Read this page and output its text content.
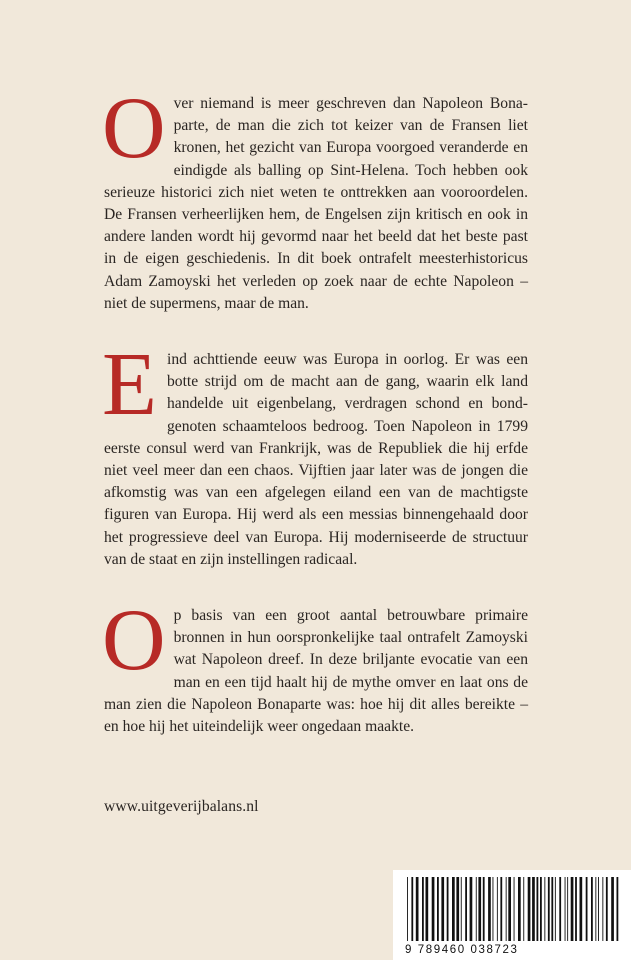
O ver niemand is meer geschreven dan Napoleon Bonaparte, de man die zich tot keizer van de Fransen liet kronen, het gezicht van Europa voorgoed veranderde en eindigde als balling op Sint-Helena. Toch hebben ook serieuze historici zich niet weten te onttrekken aan vooroordelen. De Fransen verheerlijken hem, de Engelsen zijn kritisch en ook in andere landen wordt hij gevormd naar het beeld dat het beste past in de eigen geschiedenis. In dit boek ontrafelt meesterhistoricus Adam Zamoyski het verleden op zoek naar de echte Napoleon – niet de supermens, maar de man.
E ind achttiende eeuw was Europa in oorlog. Er was een botte strijd om de macht aan de gang, waarin elk land handelde uit eigenbelang, verdragen schond en bondgenoten schaamteloos bedroog. Toen Napoleon in 1799 eerste consul werd van Frankrijk, was de Republiek die hij erfde niet veel meer dan een chaos. Vijftien jaar later was de jongen die afkomstig was van een afgelegen eiland een van de machtigste figuren van Europa. Hij werd als een messias binnengehaald door het progressieve deel van Europa. Hij moderniseerde de structuur van de staat en zijn instellingen radicaal.
O p basis van een groot aantal betrouwbare primaire bronnen in hun oorspronkelijke taal ontrafelt Zamoyski wat Napoleon dreef. In deze briljante evocatie van een man en een tijd haalt hij de mythe omver en laat ons de man zien die Napoleon Bonaparte was: hoe hij dit alles bereikte – en hoe hij het uiteindelijk weer ongedaan maakte.
www.uitgeverijbalans.nl
9 789460 038723
